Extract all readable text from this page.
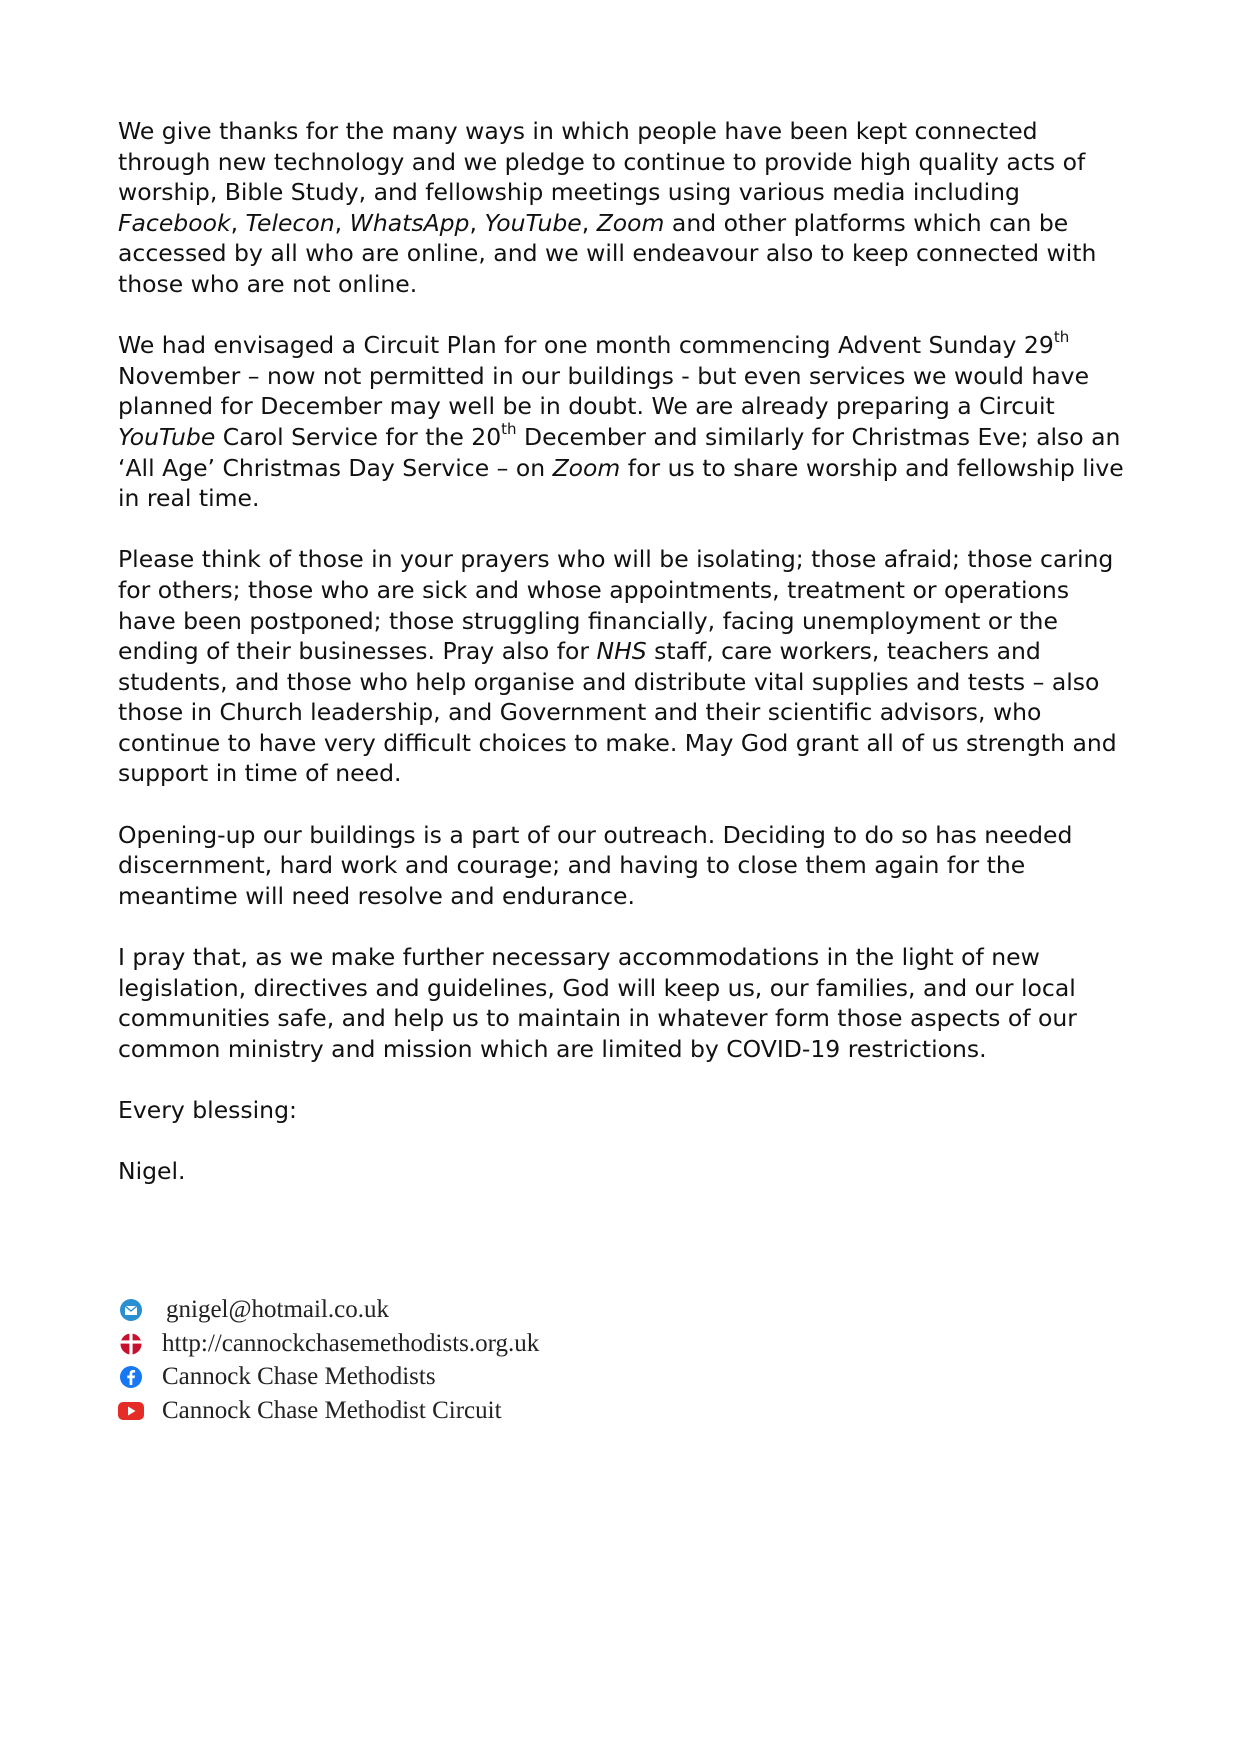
We give thanks for the many ways in which people have been kept connected through new technology and we pledge to continue to provide high quality acts of worship, Bible Study, and fellowship meetings using various media including Facebook, Telecon, WhatsApp, YouTube, Zoom and other platforms which can be accessed by all who are online, and we will endeavour also to keep connected with those who are not online.

We had envisaged a Circuit Plan for one month commencing Advent Sunday 29th November – now not permitted in our buildings - but even services we would have planned for December may well be in doubt. We are already preparing a Circuit YouTube Carol Service for the 20th December and similarly for Christmas Eve; also an ‘All Age’ Christmas Day Service – on Zoom for us to share worship and fellowship live in real time.

Please think of those in your prayers who will be isolating; those afraid; those caring for others; those who are sick and whose appointments, treatment or operations have been postponed; those struggling financially, facing unemployment or the ending of their businesses. Pray also for NHS staff, care workers, teachers and students, and those who help organise and distribute vital supplies and tests – also those in Church leadership, and Government and their scientific advisors, who continue to have very difficult choices to make. May God grant all of us strength and support in time of need.

Opening-up our buildings is a part of our outreach. Deciding to do so has needed discernment, hard work and courage; and having to close them again for the meantime will need resolve and endurance.

I pray that, as we make further necessary accommodations in the light of new legislation, directives and guidelines, God will keep us, our families, and our local communities safe, and help us to maintain in whatever form those aspects of our common ministry and mission which are limited by COVID-19 restrictions.

Every blessing:

Nigel.

gnigel@hotmail.co.uk
http://cannockchasemethodists.org.uk
Cannock Chase Methodists
Cannock Chase Methodist Circuit
